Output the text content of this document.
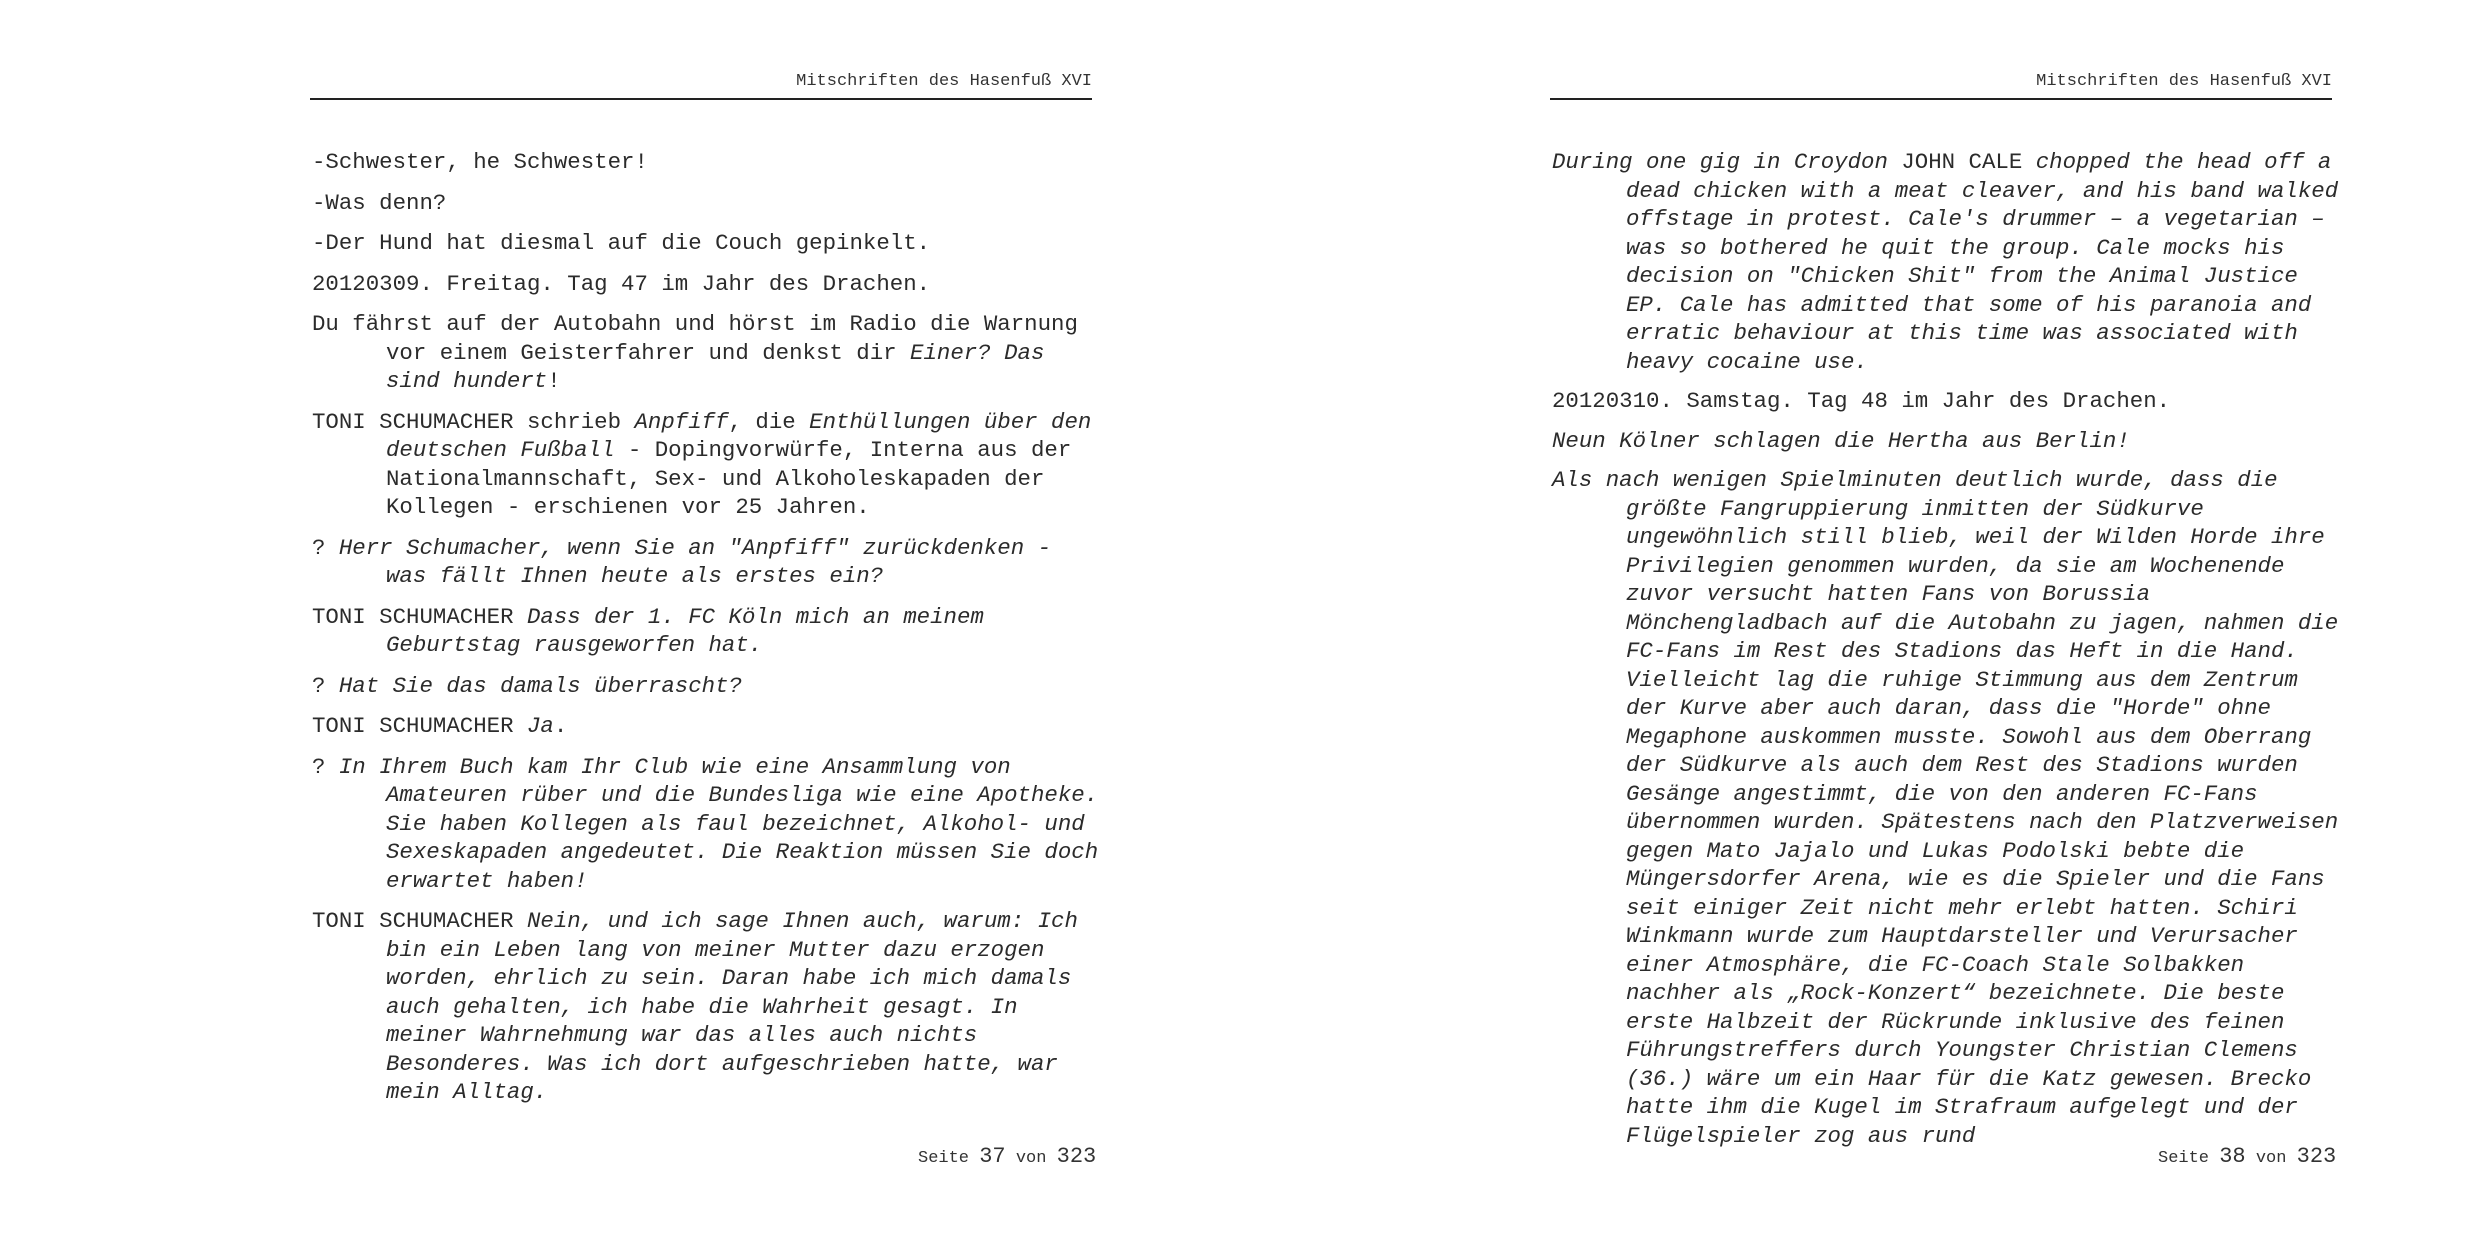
Mitschriften des Hasenfuß XVI

-Schwester, he Schwester!

-Was denn?

-Der Hund hat diesmal auf die Couch gepinkelt.

20120309. Freitag. Tag 47 im Jahr des Drachen.

Du fährst auf der Autobahn und hörst im Radio die Warnung vor einem Geisterfahrer und denkst dir Einer? Das sind hundert!

TONI SCHUMACHER schrieb Anpfiff, die Enthüllungen über den deutschen Fußball - Dopingvorwürfe, Interna aus der Nationalmannschaft, Sex- und Alkoholeskapaden der Kollegen - erschienen vor 25 Jahren.

? Herr Schumacher, wenn Sie an "Anpfiff" zurückdenken - was fällt Ihnen heute als erstes ein?

TONI SCHUMACHER Dass der 1. FC Köln mich an meinem Geburtstag rausgeworfen hat.

? Hat Sie das damals überrascht?

TONI SCHUMACHER Ja.

? In Ihrem Buch kam Ihr Club wie eine Ansammlung von Amateuren rüber und die Bundesliga wie eine Apotheke. Sie haben Kollegen als faul bezeichnet, Alkohol- und Sexeskapaden angedeutet. Die Reaktion müssen Sie doch erwartet haben!

TONI SCHUMACHER Nein, und ich sage Ihnen auch, warum: Ich bin ein Leben lang von meiner Mutter dazu erzogen worden, ehrlich zu sein. Daran habe ich mich damals auch gehalten, ich habe die Wahrheit gesagt. In meiner Wahrnehmung war das alles auch nichts Besonderes. Was ich dort aufgeschrieben hatte, war mein Alltag.

Seite 37 von 323
Mitschriften des Hasenfuß XVI

During one gig in Croydon JOHN CALE chopped the head off a dead chicken with a meat cleaver, and his band walked offstage in protest. Cale's drummer – a vegetarian – was so bothered he quit the group. Cale mocks his decision on "Chicken Shit" from the Animal Justice EP. Cale has admitted that some of his paranoia and erratic behaviour at this time was associated with heavy cocaine use.

20120310. Samstag. Tag 48 im Jahr des Drachen.

Neun Kölner schlagen die Hertha aus Berlin!

Als nach wenigen Spielminuten deutlich wurde, dass die größte Fangruppierung inmitten der Südkurve ungewöhnlich still blieb, weil der Wilden Horde ihre Privilegien genommen wurden, da sie am Wochenende zuvor versucht hatten Fans von Borussia Mönchengladbach auf die Autobahn zu jagen, nahmen die FC-Fans im Rest des Stadions das Heft in die Hand. Vielleicht lag die ruhige Stimmung aus dem Zentrum der Kurve aber auch daran, dass die "Horde" ohne Megaphone auskommen musste. Sowohl aus dem Oberrang der Südkurve als auch dem Rest des Stadions wurden Gesänge angestimmt, die von den anderen FC-Fans übernommen wurden. Spätestens nach den Platzverweisen gegen Mato Jajalo und Lukas Podolski bebte die Müngersdorfer Arena, wie es die Spieler und die Fans seit einiger Zeit nicht mehr erlebt hatten. Schiri Winkmann wurde zum Hauptdarsteller und Verursacher einer Atmosphäre, die FC-Coach Stale Solbakken nachher als „Rock-Konzert“ bezeichnete. Die beste erste Halbzeit der Rückrunde inklusive des feinen Führungstreffers durch Youngster Christian Clemens (36.) wäre um ein Haar für die Katz gewesen. Brecko hatte ihm die Kugel im Strafraum aufgelegt und der Flügelspieler zog aus rund

Seite 38 von 323
